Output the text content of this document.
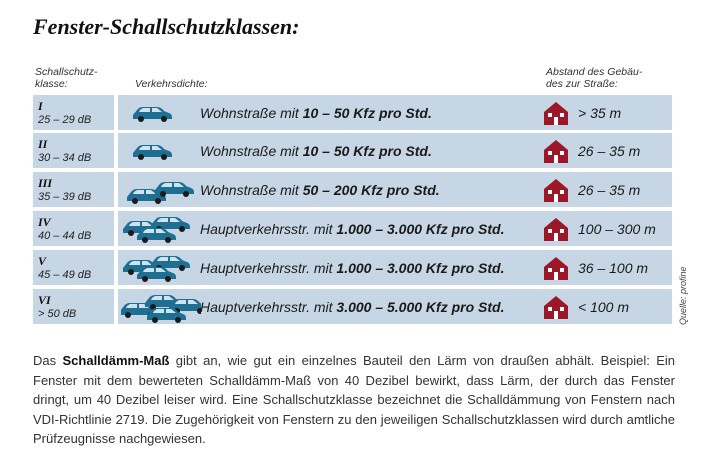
Fenster-Schallschutzklassen:
Schallschutz-
klasse:	Verkehrsdichte:
Abstand des Gebäu-
des zur Straße:
I
25 – 29 dB	Wohnstraße mit 10 – 50 Kfz pro Std.	> 35 m
II
30 – 34 dB	Wohnstraße mit 10 – 50 Kfz pro Std.	26 – 35 m
III
35 – 39 dB	Wohnstraße mit 50 – 200 Kfz pro Std.	26 – 35 m
IV
40 – 44 dB	Hauptverkehrsstr. mit 1.000 – 3.000 Kfz pro Std.	100 – 300 m
V
45 – 49 dB	Hauptverkehrsstr. mit 1.000 – 3.000 Kfz pro Std.	36 – 100 m
VI
> 50 dB	Hauptverkehrsstr. mit 3.000 – 5.000 Kfz pro Std.	< 100 m	Quelle: profine

Das Schalldämm-Maß gibt an, wie gut ein einzelnes Bauteil den Lärm von draußen abhält. Beispiel: Ein Fenster mit dem bewerteten Schalldämm-Maß von 40 Dezibel bewirkt, dass Lärm, der durch das Fenster dringt, um 40 Dezibel leiser wird. Eine Schallschutzklasse bezeichnet die Schalldämmung von Fenstern nach VDI-Richtlinie 2719. Die Zugehörigkeit von Fenstern zu den jeweiligen Schallschutzklassen wird durch amtliche Prüfzeugnisse nachgewiesen.
